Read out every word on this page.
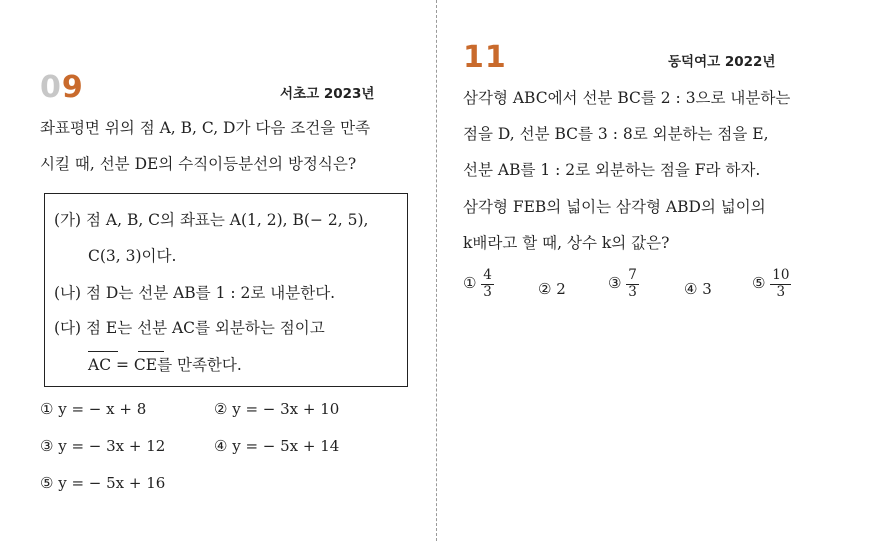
09	서초고 2023년
좌표평면 위의 점 A, B, C, D가 다음 조건을 만족
시킬 때, 선분 DE의 수직이등분선의 방정식은?
(가) 점 A, B, C의 좌표는 A(1, 2), B(− 2, 5),
C(3, 3)이다.
(나) 점 D는 선분 AB를 1 : 2로 내분한다.
(다) 점 E는 선분 AC를 외분하는 점이고
AC = CE를 만족한다.
① y = − x + 8	② y = − 3x + 10
③ y = − 3x + 12	④ y = − 5x + 14
⑤ y = − 5x + 16
11	동덕여고 2022년
삼각형 ABC에서 선분 BC를 2 : 3으로 내분하는
점을 D, 선분 BC를 3 : 8로 외분하는 점을 E,
선분 AB를 1 : 2로 외분하는 점을 F라 하자.
삼각형 FEB의 넓이는 삼각형 ABD의 넓이의
k배라고 할 때, 상수 k의 값은?
① $\frac{4}{3}$	② 2	③ $\frac{7}{3}$	④ 3	⑤ $\frac{10}{3}$
